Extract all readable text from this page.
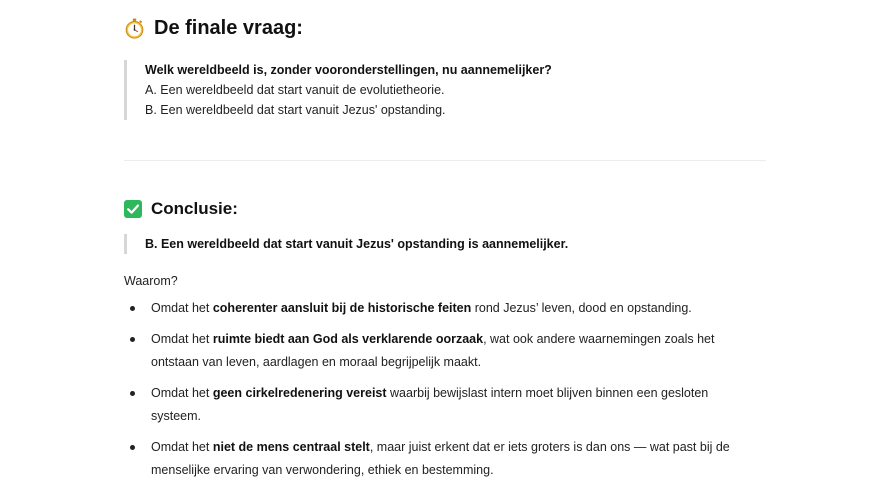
De finale vraag:
Welk wereldbeeld is, zonder vooronderstellingen, nu aannemelijker?
A. Een wereldbeeld dat start vanuit de evolutietheorie.
B. Een wereldbeeld dat start vanuit Jezus' opstanding.
Conclusie:
B. Een wereldbeeld dat start vanuit Jezus' opstanding is aannemelijker.
Waarom?
Omdat het coherenter aansluit bij de historische feiten rond Jezus’ leven, dood en opstanding.
Omdat het ruimte biedt aan God als verklarende oorzaak, wat ook andere waarnemingen zoals het ontstaan van leven, aardlagen en moraal begrijpelijk maakt.
Omdat het geen cirkelredenering vereist waarbij bewijslast intern moet blijven binnen een gesloten systeem.
Omdat het niet de mens centraal stelt, maar juist erkent dat er iets groters is dan ons — wat past bij de menselijke ervaring van verwondering, ethiek en bestemming.
